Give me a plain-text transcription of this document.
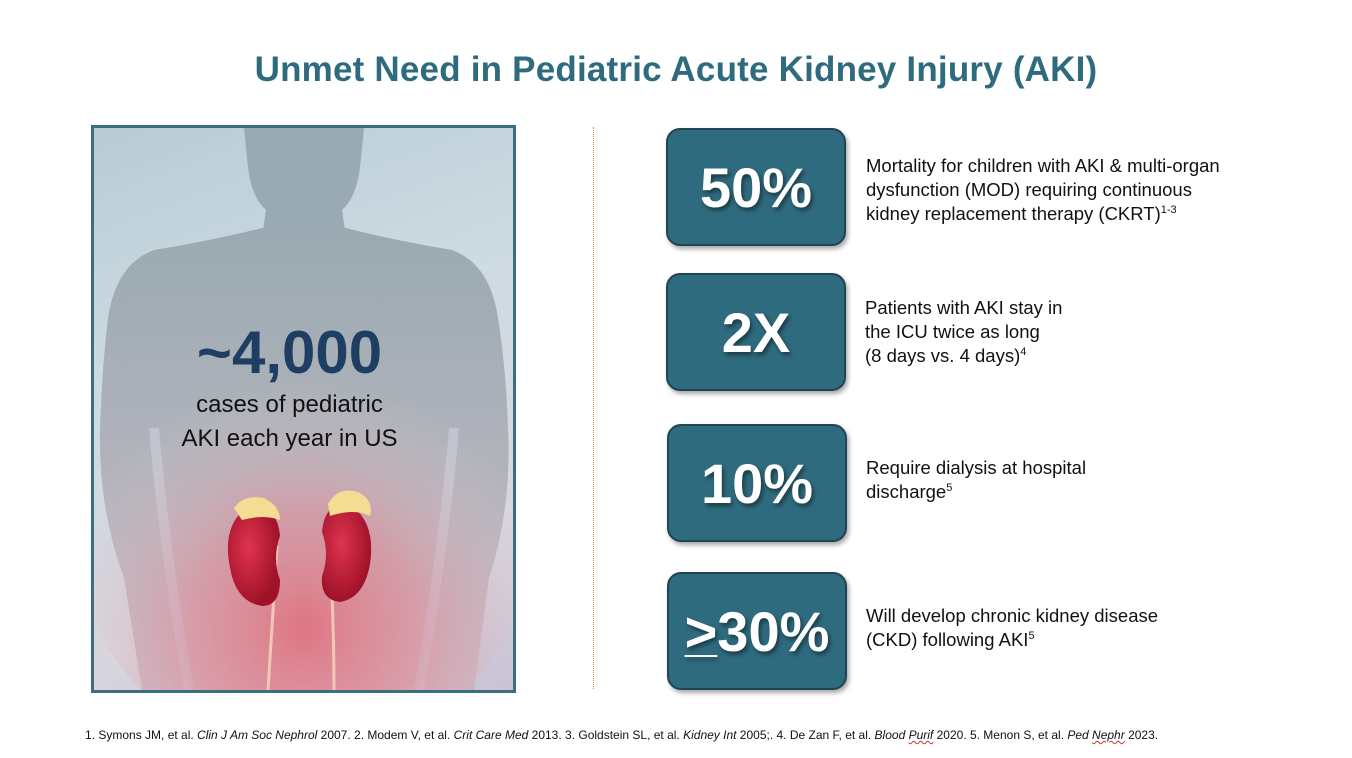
Unmet Need in Pediatric Acute Kidney Injury (AKI)
~4,000
cases of pediatric
AKI each year in US
50%	Mortality for children with AKI & multi-organ
dysfunction (MOD) requiring continuous
kidney replacement therapy (CKRT)$^{1-3}$
2X	Patients with AKI stay in
the ICU twice as long
(8 days vs. 4 days)$^4$
10%	Require dialysis at hospital
discharge$^5$
>30% Will develop chronic kidney disease
(CKD) following AKI$^5$
1. Symons JM, et al. Clin J Am Soc Nephrol 2007. 2. Modem V, et al. Crit Care Med 2013. 3. Goldstein SL, et al. Kidney Int 2005;. 4. De Zan F, et al. Blood Purif 2020. 5. Menon S, et al. Ped Nephr 2023.
